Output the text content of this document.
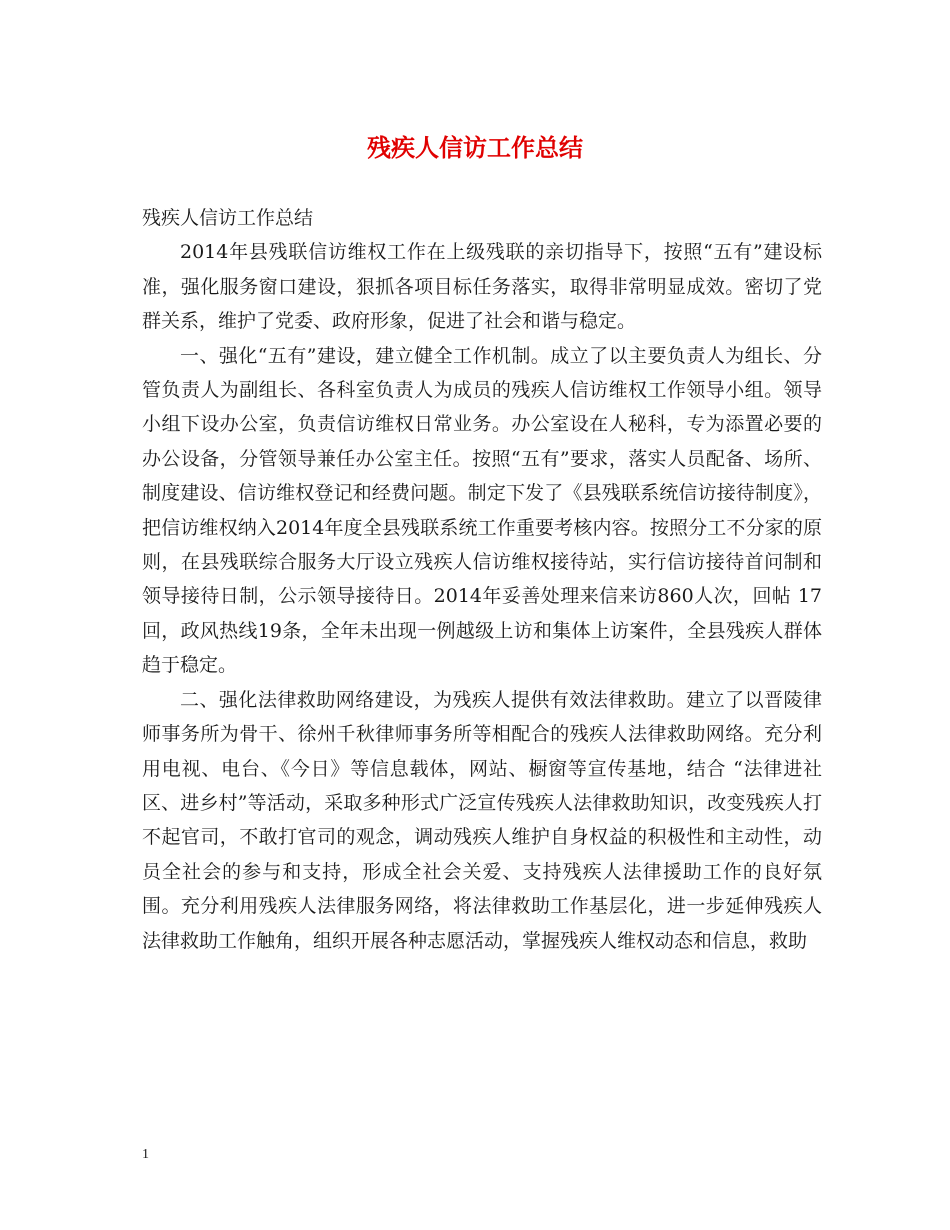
残疾人信访工作总结

残疾人信访工作总结

2014年县残联信访维权工作在上级残联的亲切指导下，按照“五有”建设标准，强化服务窗口建设，狠抓各项目标任务落实，取得非常明显成效。密切了党群关系，维护了党委、政府形象，促进了社会和谐与稳定。

一、强化“五有”建设，建立健全工作机制。成立了以主要负责人为组长、分管负责人为副组长、各科室负责人为成员的残疾人信访维权工作领导小组。领导小组下设办公室，负责信访维权日常业务。办公室设在人秘科，专为添置必要的办公设备，分管领导兼任办公室主任。按照“五有”要求，落实人员配备、场所、制度建设、信访维权登记和经费问题。制定下发了《县残联系统信访接待制度》，把信访维权纳入2014年度全县残联系统工作重要考核内容。按照分工不分家的原则，在县残联综合服务大厅设立残疾人信访维权接待站，实行信访接待首问制和领导接待日制，公示领导接待日。2014年妥善处理来信来访860人次，回帖 17回，政风热线19条，全年未出现一例越级上访和集体上访案件，全县残疾人群体趋于稳定。

二、强化法律救助网络建设，为残疾人提供有效法律救助。建立了以晋陵律师事务所为骨干、徐州千秋律师事务所等相配合的残疾人法律救助网络。充分利用电视、电台、《今日》等信息载体，网站、橱窗等宣传基地，结合 “法律进社区、进乡村”等活动，采取多种形式广泛宣传残疾人法律救助知识，改变残疾人打不起官司，不敢打官司的观念，调动残疾人维护自身权益的积极性和主动性，动员全社会的参与和支持，形成全社会关爱、支持残疾人法律援助工作的良好氛围。充分利用残疾人法律服务网络，将法律救助工作基层化，进一步延伸残疾人法律救助工作触角，组织开展各种志愿活动，掌握残疾人维权动态和信息，救助

1
